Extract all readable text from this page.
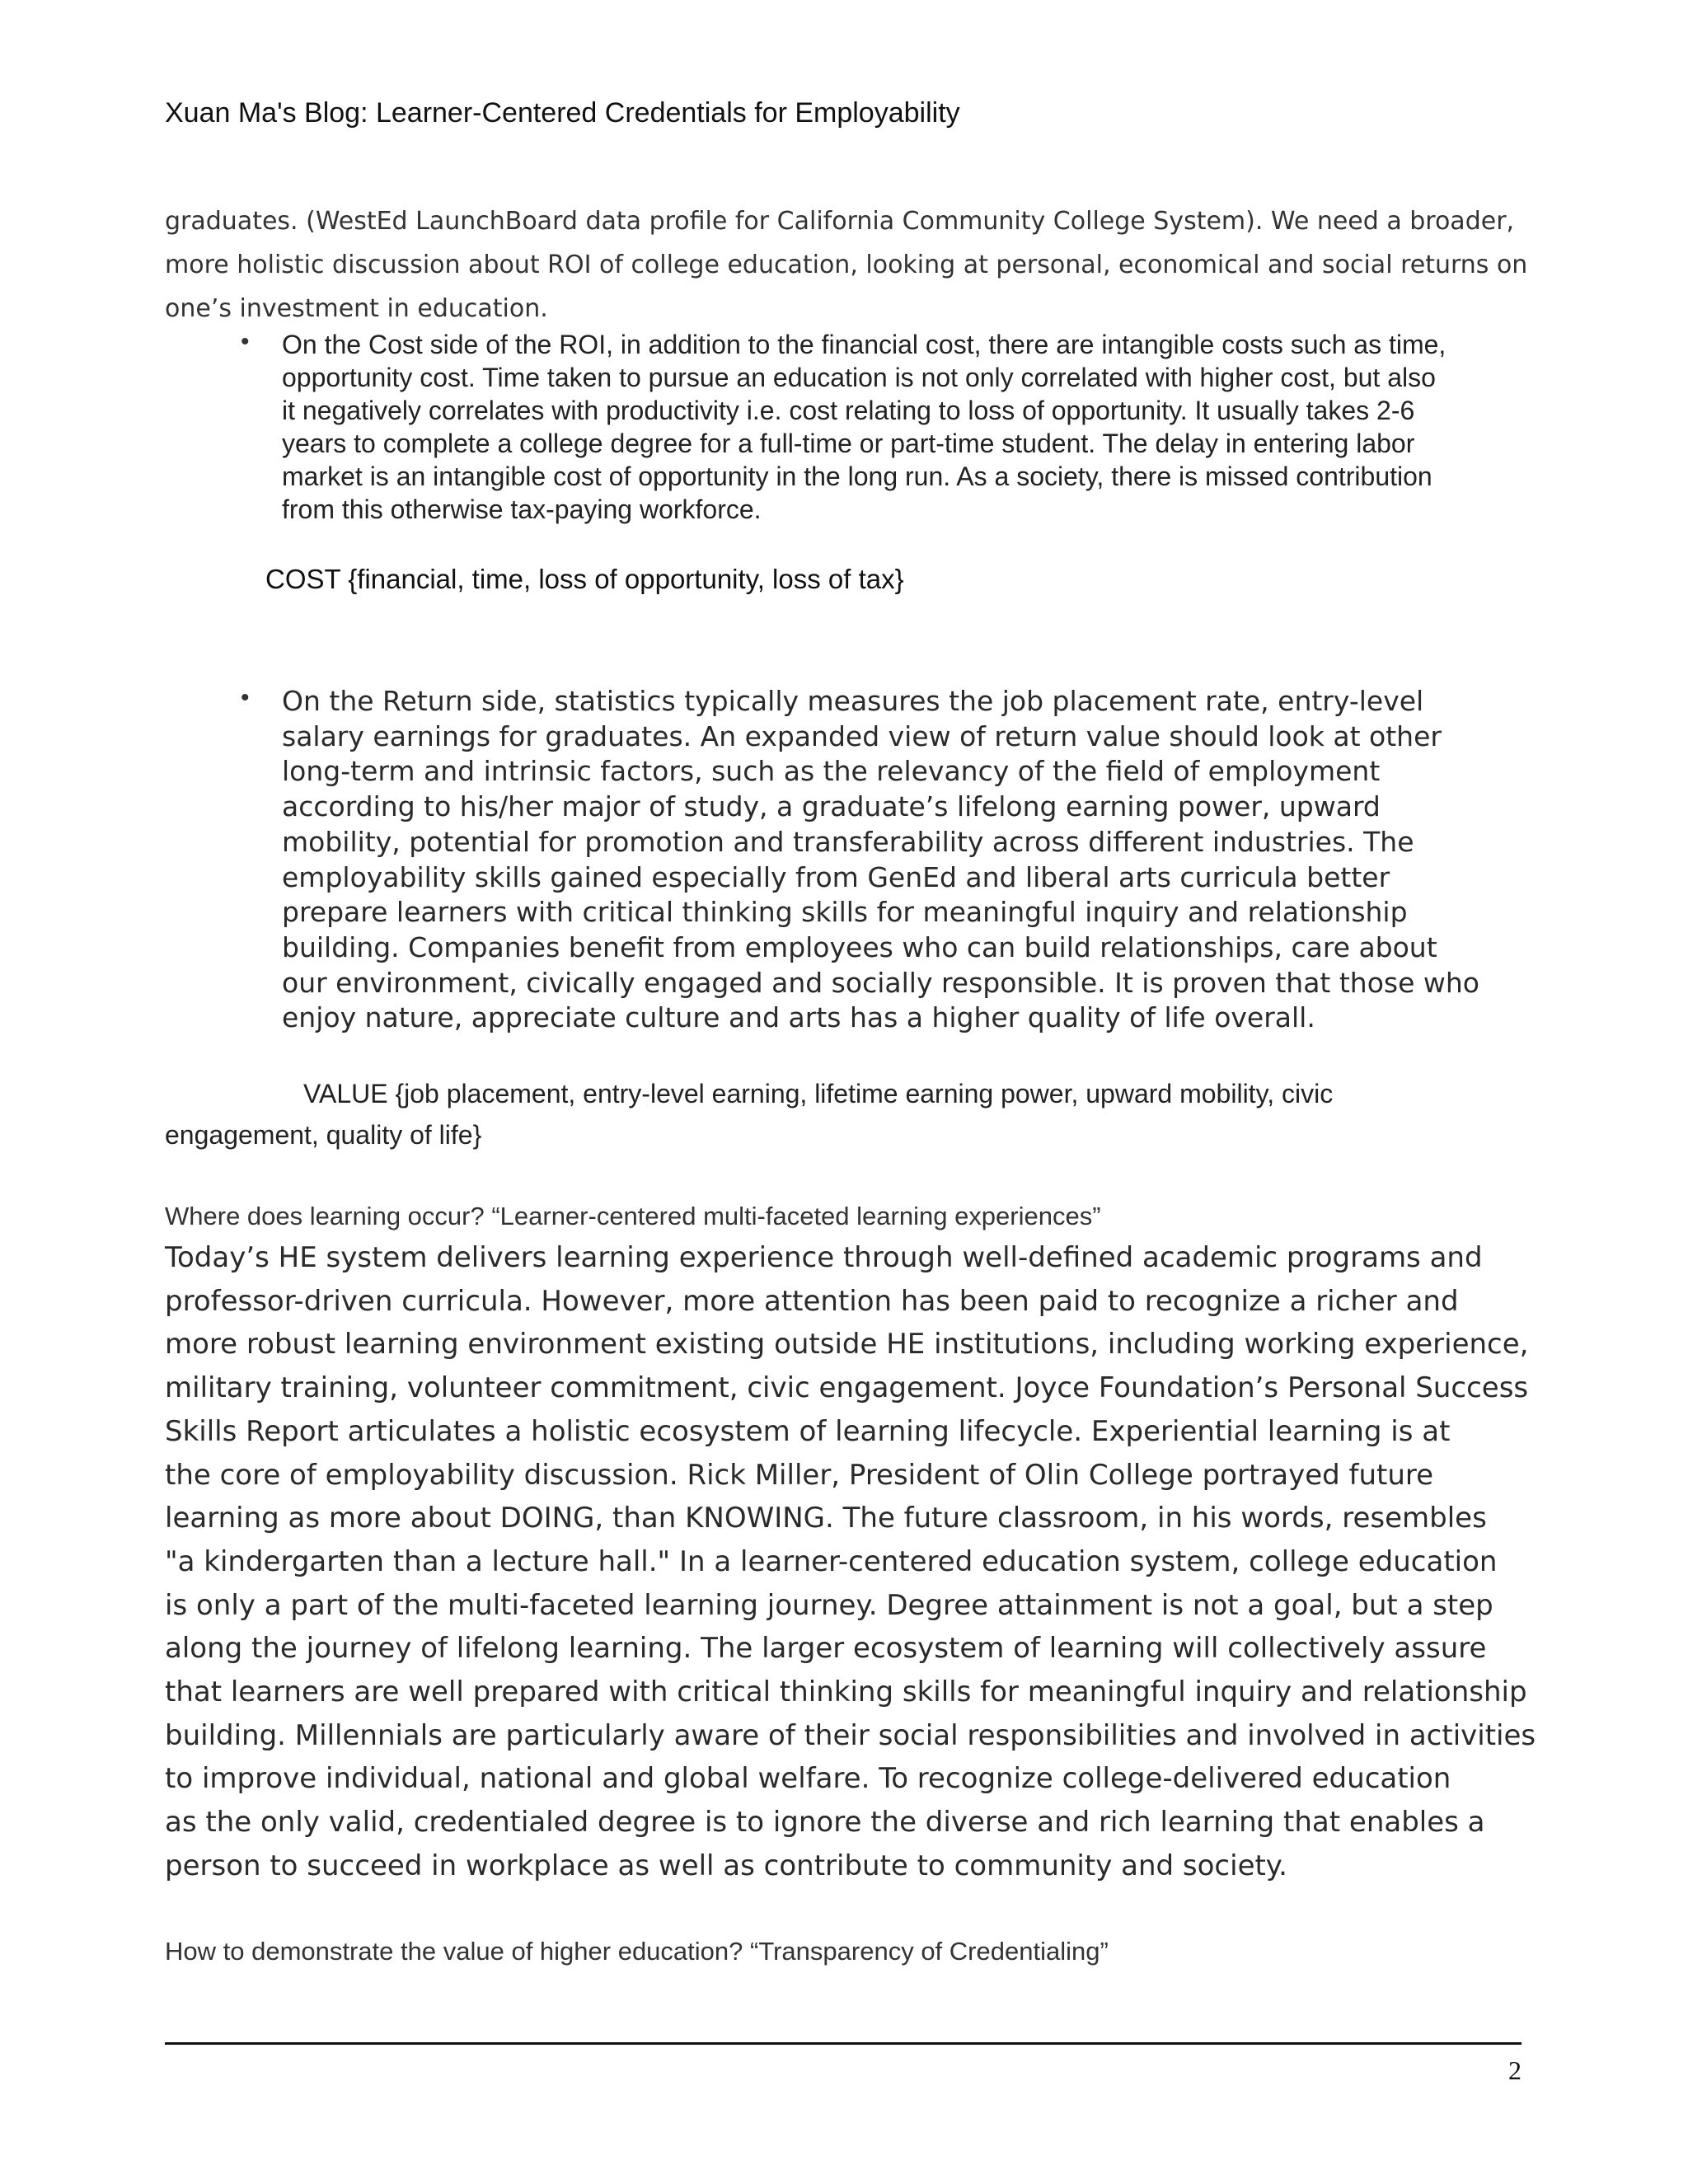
Xuan Ma's Blog: Learner-Centered Credentials for Employability
graduates. (WestEd LaunchBoard data profile for California Community College System). We need a broader,
more holistic discussion about ROI of college education, looking at personal, economical and social returns on
one’s investment in education.
• On the Cost side of the ROI, in addition to the financial cost, there are intangible costs such as time,
opportunity cost. Time taken to pursue an education is not only correlated with higher cost, but also
it negatively correlates with productivity i.e. cost relating to loss of opportunity. It usually takes 2-6
years to complete a college degree for a full-time or part-time student. The delay in entering labor
market is an intangible cost of opportunity in the long run. As a society, there is missed contribution
from this otherwise tax-paying workforce.
COST {financial, time, loss of opportunity, loss of tax}
• On the Return side, statistics typically measures the job placement rate, entry-level
salary earnings for graduates. An expanded view of return value should look at other
long-term and intrinsic factors, such as the relevancy of the field of employment
according to his/her major of study, a graduate’s lifelong earning power, upward
mobility, potential for promotion and transferability across different industries. The
employability skills gained especially from GenEd and liberal arts curricula better
prepare learners with critical thinking skills for meaningful inquiry and relationship
building. Companies benefit from employees who can build relationships, care about
our environment, civically engaged and socially responsible. It is proven that those who
enjoy nature, appreciate culture and arts has a higher quality of life overall.
VALUE {job placement, entry-level earning, lifetime earning power, upward mobility, civic
engagement, quality of life}
Where does learning occur? “Learner-centered multi-faceted learning experiences”
Today’s HE system delivers learning experience through well-defined academic programs and
professor-driven curricula. However, more attention has been paid to recognize a richer and
more robust learning environment existing outside HE institutions, including working experience,
military training, volunteer commitment, civic engagement. Joyce Foundation’s Personal Success
Skills Report articulates a holistic ecosystem of learning lifecycle. Experiential learning is at
the core of employability discussion. Rick Miller, President of Olin College portrayed future
learning as more about DOING, than KNOWING. The future classroom, in his words, resembles
"a kindergarten than a lecture hall." In a learner-centered education system, college education
is only a part of the multi-faceted learning journey. Degree attainment is not a goal, but a step
along the journey of lifelong learning. The larger ecosystem of learning will collectively assure
that learners are well prepared with critical thinking skills for meaningful inquiry and relationship
building. Millennials are particularly aware of their social responsibilities and involved in activities
to improve individual, national and global welfare. To recognize college-delivered education
as the only valid, credentialed degree is to ignore the diverse and rich learning that enables a
person to succeed in workplace as well as contribute to community and society.
How to demonstrate the value of higher education? “Transparency of Credentialing”
2
